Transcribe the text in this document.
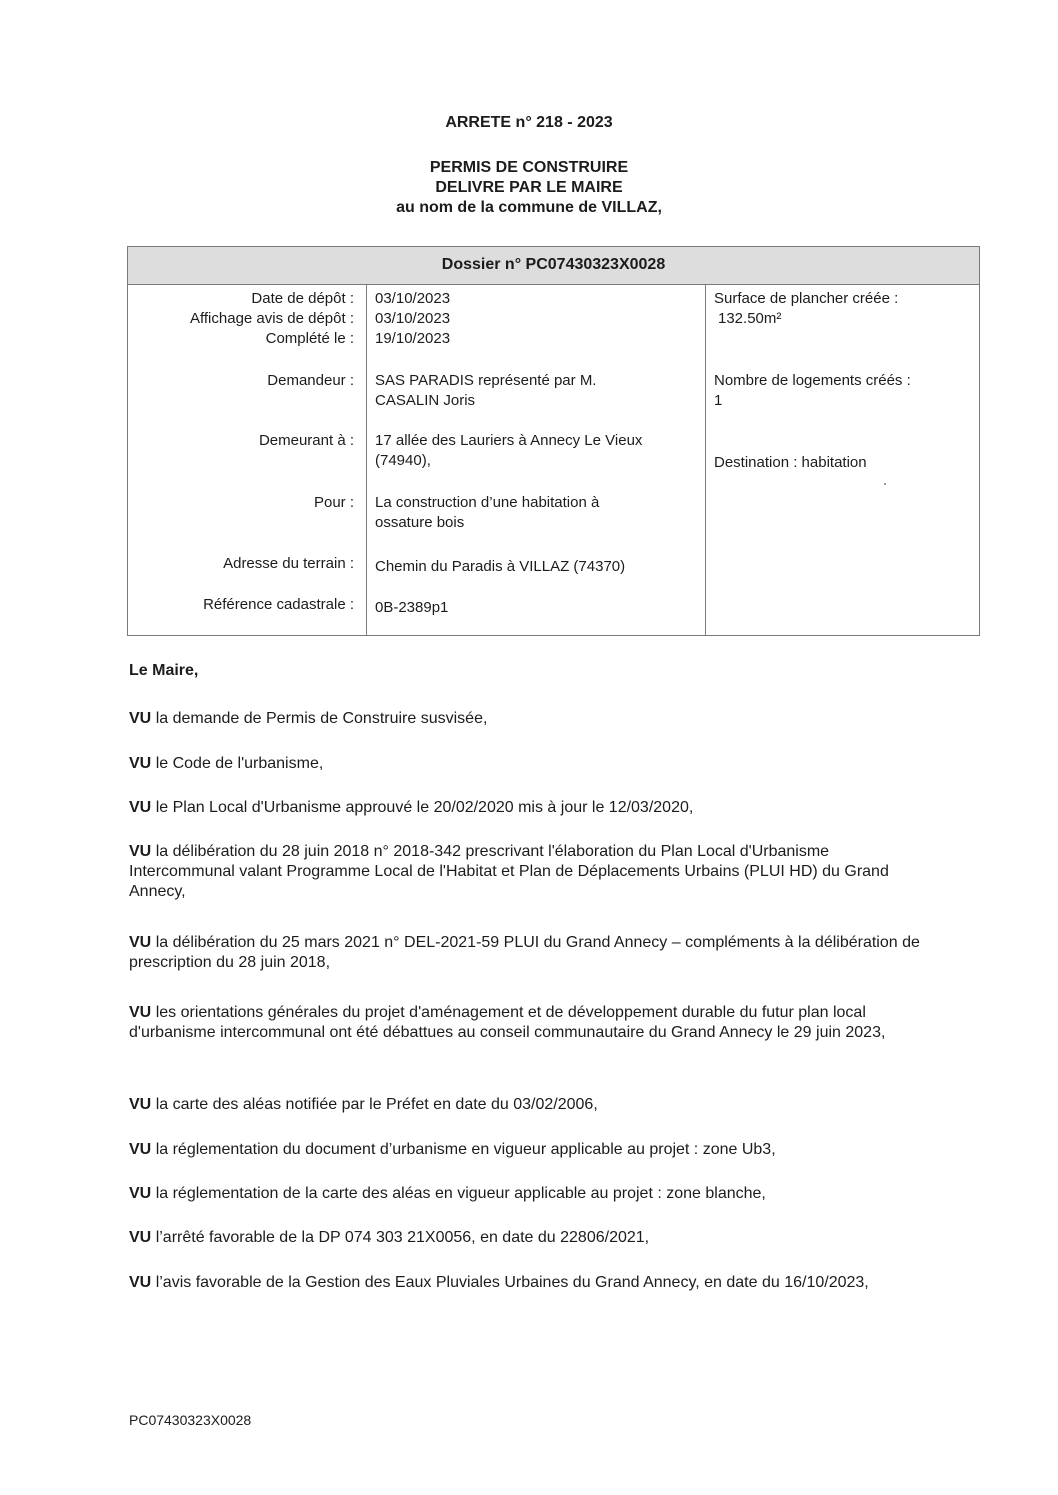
ARRETE n° 218 - 2023
PERMIS DE CONSTRUIRE
DELIVRE PAR LE MAIRE
au nom de la commune de VILLAZ,
Dossier n° PC07430323X0028
Date de dépôt : 03/10/2023
Affichage avis de dépôt : 03/10/2023
Complété le : 19/10/2023
Demandeur : SAS PARADIS représenté par M. CASALIN Joris
Demeurant à : 17 allée des Lauriers à Annecy Le Vieux (74940),
Pour : La construction d’une habitation à ossature bois
Adresse du terrain : Chemin du Paradis à VILLAZ (74370)
Référence cadastrale : 0B-2389p1
Surface de plancher créée :
132.50m²
Nombre de logements créés :
1
Destination : habitation
Le Maire,
VU la demande de Permis de Construire susvisée,
VU le Code de l'urbanisme,
VU le Plan Local d'Urbanisme approuvé le 20/02/2020 mis à jour le 12/03/2020,
VU la délibération du 28 juin 2018 n° 2018-342 prescrivant l'élaboration du Plan Local d'Urbanisme Intercommunal valant Programme Local de l'Habitat et Plan de Déplacements Urbains (PLUI HD) du Grand Annecy,
VU la délibération du 25 mars 2021 n° DEL-2021-59 PLUI du Grand Annecy – compléments à la délibération de prescription du 28 juin 2018,
VU les orientations générales du projet d'aménagement et de développement durable du futur plan local d'urbanisme intercommunal ont été débattues au conseil communautaire du Grand Annecy le 29 juin 2023,
VU la carte des aléas notifiée par le Préfet en date du 03/02/2006,
VU la réglementation du document d’urbanisme en vigueur applicable au projet : zone Ub3,
VU la réglementation de la carte des aléas en vigueur applicable au projet : zone blanche,
VU l’arrêté favorable de la DP 074 303 21X0056, en date du 22806/2021,
VU l’avis favorable de la Gestion des Eaux Pluviales Urbaines du Grand Annecy, en date du 16/10/2023,
PC07430323X0028
